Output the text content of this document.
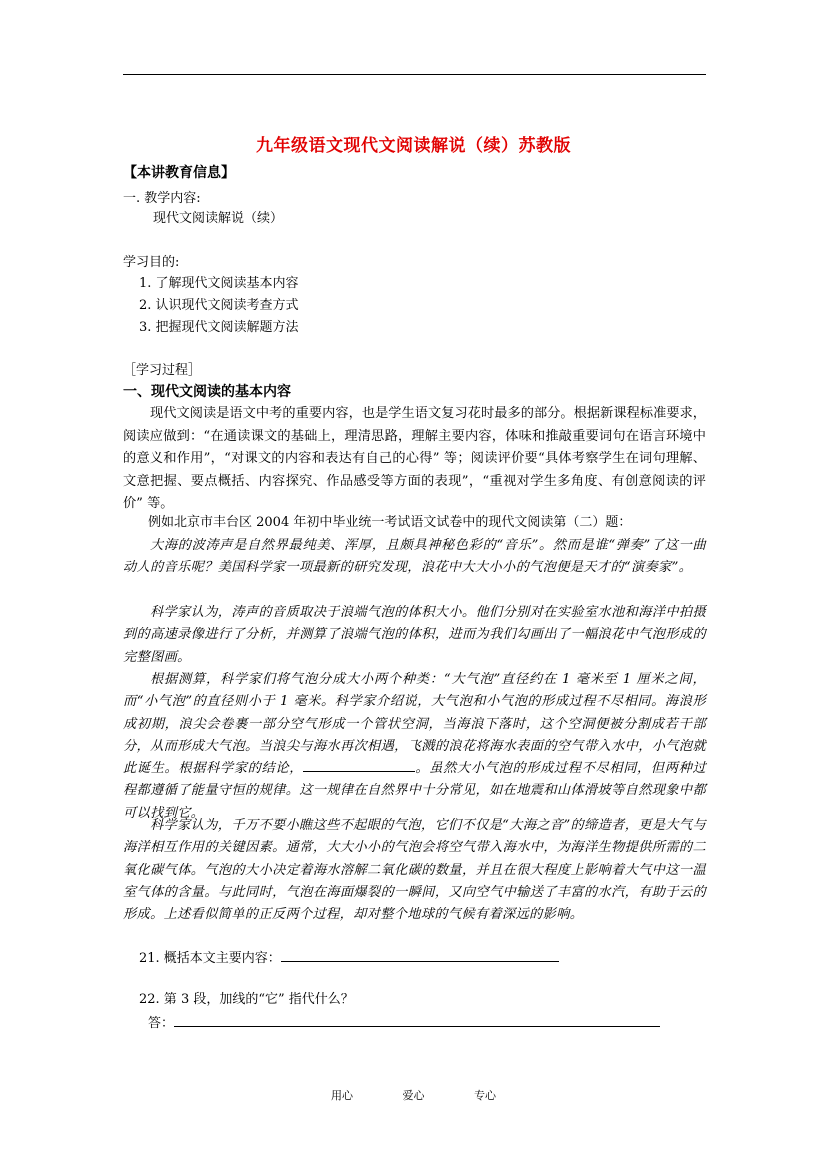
九年级语文现代文阅读解说（续）苏教版
【本讲教育信息】
一. 教学内容:
现代文阅读解说（续）
学习目的:
1. 了解现代文阅读基本内容
2. 认识现代文阅读考查方式
3. 把握现代文阅读解题方法
［学习过程］
一、现代文阅读的基本内容
现代文阅读是语文中考的重要内容，也是学生语文复习花时最多的部分。根据新课程标准要求，阅读应做到：“在通读课文的基础上，理清思路，理解主要内容，体味和推敲重要词句在语言环境中的意义和作用”，“对课文的内容和表达有自己的心得” 等；阅读评价要“具体考察学生在词句理解、文意把握、要点概括、内容探究、作品感受等方面的表现”，“重视对学生多角度、有创意阅读的评价” 等。
例如北京市丰台区 2004 年初中毕业统一考试语文试卷中的现代文阅读第（二）题：
大海的波涛声是自然界最纯美、浑厚，且颇具神秘色彩的“音乐”。然而是谁“弹奏”了这一曲动人的音乐呢？美国科学家一项最新的研究发现，浪花中大大小小的气泡便是天才的“演奏家”。
科学家认为，涛声的音质取决于浪端气泡的体积大小。他们分别对在实验室水池和海洋中拍摄到的高速录像进行了分析，并测算了浪端气泡的体积，进而为我们勾画出了一幅浪花中气泡形成的完整图画。
根据测算，科学家们将气泡分成大小两个种类：“大气泡”直径约在 1 毫米至 1 厘米之间，而“小气泡”的直径则小于 1 毫米。科学家介绍说，大气泡和小气泡的形成过程不尽相同。海浪形成初期，浪尖会卷裹一部分空气形成一个管状空洞，当海浪下落时，这个空洞便被分割成若干部分，从而形成大气泡。当浪尖与海水再次相遇，飞溅的浪花将海水表面的空气带入水中，小气泡就此诞生。根据科学家的结论，	。虽然大小气泡的形成过程不尽相同，但两种过程都遵循了能量守恒的规律。这一规律在自然界中十分常见，如在地震和山体滑坡等自然现象中都可以找到它。
科学家认为，千万不要小瞧这些不起眼的气泡，它们不仅是“大海之音”的缔造者，更是大气与海洋相互作用的关键因素。通常，大大小小的气泡会将空气带入海水中，为海洋生物提供所需的二氧化碳气体。气泡的大小决定着海水溶解二氧化碳的数量，并且在很大程度上影响着大气中这一温室气体的含量。与此同时，气泡在海面爆裂的一瞬间，又向空气中输送了丰富的水汽，有助于云的形成。上述看似简单的正反两个过程，却对整个地球的气候有着深远的影响。
21. 概括本文主要内容：
22. 第 3 段，加线的“它” 指代什么？
答：
用心	爱心	专心
